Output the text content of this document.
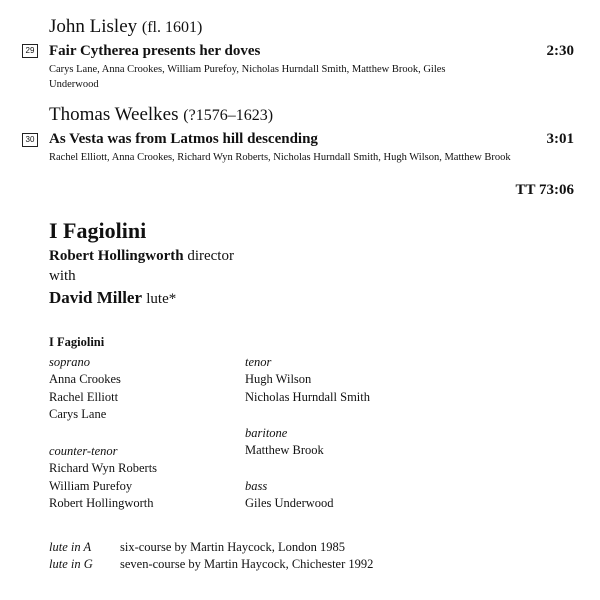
John Lisley (fl. 1601)
29 Fair Cytherea presents her doves	2:30
Carys Lane, Anna Crookes, William Purefoy, Nicholas Hurndall Smith, Matthew Brook, Giles Underwood
Thomas Weelkes (?1576–1623)
30 As Vesta was from Latmos hill descending	3:01
Rachel Elliott, Anna Crookes, Richard Wyn Roberts, Nicholas Hurndall Smith, Hugh Wilson, Matthew Brook
TT 73:06
I Fagiolini
Robert Hollingworth director
with
David Miller lute*
I Fagiolini
soprano
Anna Crookes
Rachel Elliott
Carys Lane
counter-tenor
Richard Wyn Roberts
William Purefoy
Robert Hollingworth
tenor
Hugh Wilson
Nicholas Hurndall Smith
baritone
Matthew Brook
bass
Giles Underwood
lute in A six-course by Martin Haycock, London 1985
lute in G seven-course by Martin Haycock, Chichester 1992
